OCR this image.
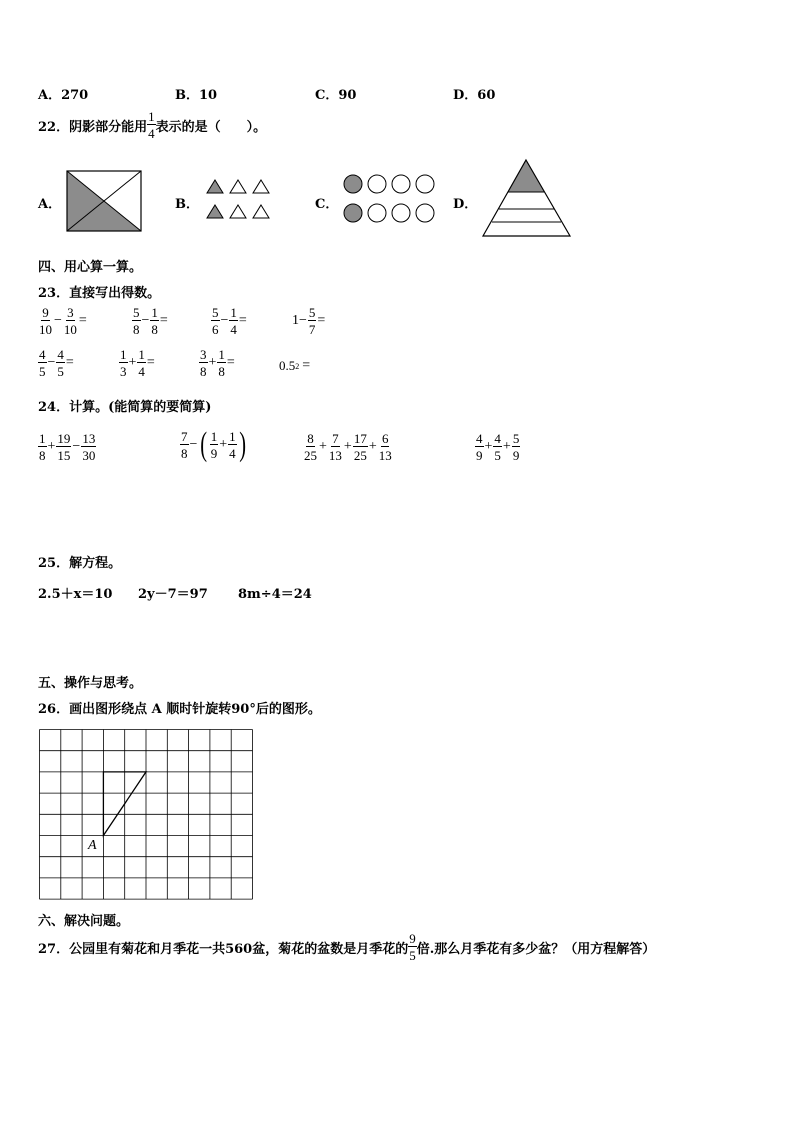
A．270	B．10	C．90	D．60
22．阴影部分能用 $\frac{1}{4}$ 表示的是（　　）。
A．	B．	C．	D．
四、用心算一算。
23．直接写出得数。
$\frac{9}{10} - \frac{3}{10}$ =	$\frac{5}{8} - \frac{1}{8}$ =	$\frac{5}{6} - \frac{1}{4}$ =	$1- \frac{5}{7}$ =
$\frac{4}{5} - \frac{4}{5}$ =	$\frac{1}{3} + \frac{1}{4}$ =	$\frac{3}{8} + \frac{1}{8}$ =	0.5 2 =
24．计算。(能简算的要简算)
$\frac{1}{8} + \frac{19}{15} - \frac{13}{30}$	$\frac{7}{8}$ − ( $\frac{1}{9} + \frac{1}{4}$ )	$\frac{8}{25} + \frac{7}{13} + \frac{17}{25} + \frac{6}{13}$	$\frac{4}{9} + \frac{4}{5} + \frac{5}{9}$
25．解方程。
2.5＋x＝10 2y－7＝97 8m÷4＝24
五、操作与思考。
26．画出图形绕点 A 顺时针旋转90°后的图形。
A
六、解决问题。
27．公园里有菊花和月季花一共560盆，菊花的盆数是月季花的 $\frac{9}{5}$ 倍.那么月季花有多少盆？（用方程解答）
